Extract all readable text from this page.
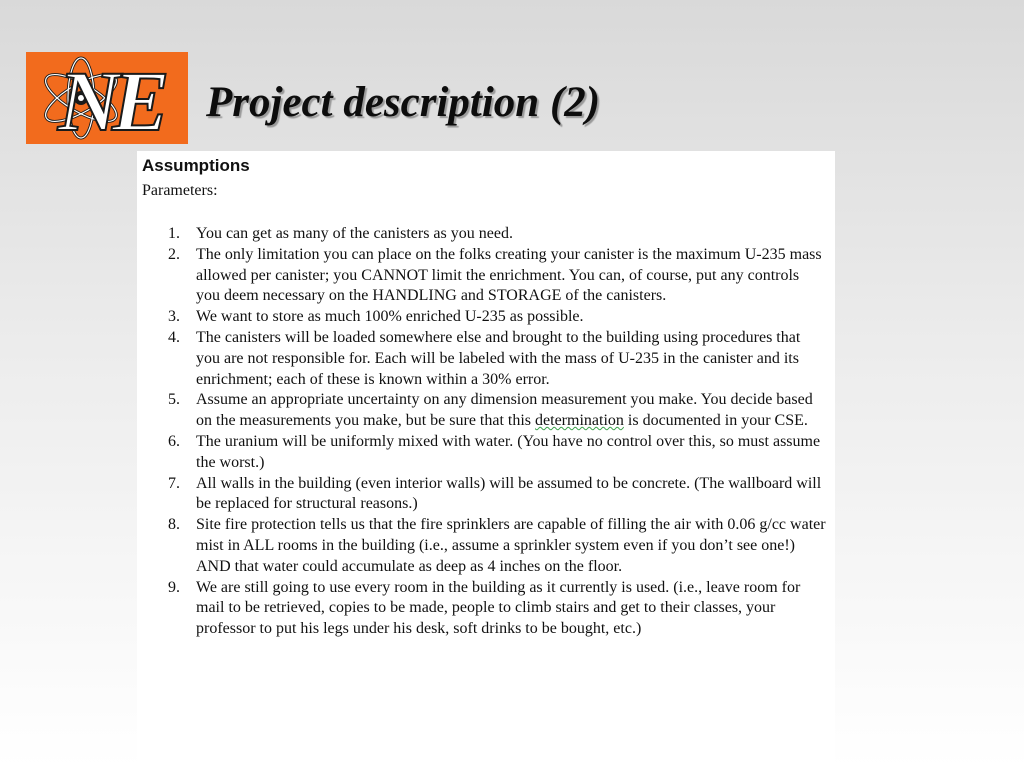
NE Project description (2)
Assumptions
Parameters:
1. You can get as many of the canisters as you need.
2. The only limitation you can place on the folks creating your canister is the maximum U-235 mass allowed per canister; you CANNOT limit the enrichment. You can, of course, put any controls you deem necessary on the HANDLING and STORAGE of the canisters.
3. We want to store as much 100% enriched U-235 as possible.
4. The canisters will be loaded somewhere else and brought to the building using procedures that you are not responsible for. Each will be labeled with the mass of U-235 in the canister and its enrichment; each of these is known within a 30% error.
5. Assume an appropriate uncertainty on any dimension measurement you make. You decide based on the measurements you make, but be sure that this determination is documented in your CSE.
6. The uranium will be uniformly mixed with water. (You have no control over this, so must assume the worst.)
7. All walls in the building (even interior walls) will be assumed to be concrete. (The wallboard will be replaced for structural reasons.)
8. Site fire protection tells us that the fire sprinklers are capable of filling the air with 0.06 g/cc water mist in ALL rooms in the building (i.e., assume a sprinkler system even if you don’t see one!) AND that water could accumulate as deep as 4 inches on the floor.
9. We are still going to use every room in the building as it currently is used. (i.e., leave room for mail to be retrieved, copies to be made, people to climb stairs and get to their classes, your professor to put his legs under his desk, soft drinks to be bought, etc.)
